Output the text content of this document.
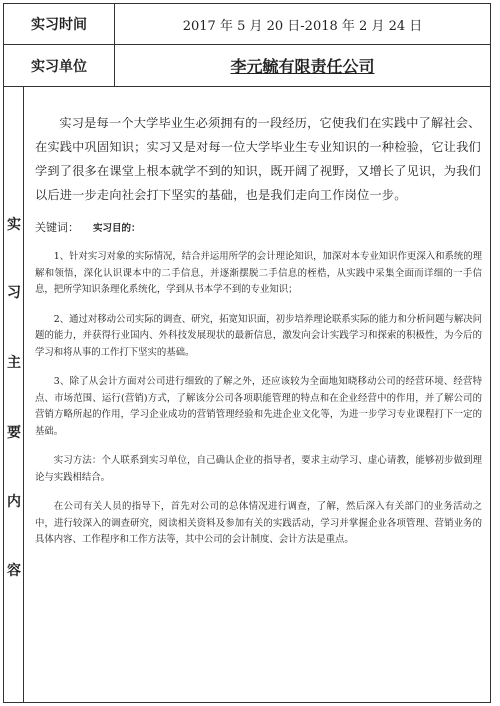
实习时间	2017 年 5 月 20 日-2018 年 2 月 24 日
实习单位	李元毓有限责任公司
实
习
主
要
内
容

实习是每一个大学毕业生必须拥有的一段经历，它使我们在实践中了解社会、在实践中巩固知识；实习又是对每一位大学毕业生专业知识的一种检验，它让我们学到了很多在课堂上根本就学不到的知识，既开阔了视野，又增长了见识，为我们以后进一步走向社会打下坚实的基础，也是我们走向工作岗位一步。

关键词： 实习目的：

1、针对实习对象的实际情况，结合并运用所学的会计理论知识，加深对本专业知识作更深入和系统的理解和领悟，深化认识课本中的二手信息，并逐渐摆脱二手信息的桎梏，从实践中采集全面而详细的一手信息，把所学知识条理化系统化，学到从书本学不到的专业知识；

2、通过对移动公司实际的调查、研究，拓宽知识面，初步培养理论联系实际的能力和分析问题与解决问题的能力，并获得行业国内、外科技发展现状的最新信息，激发向会计实践学习和探索的积极性，为今后的学习和将从事的工作打下坚实的基础。

3、除了从会计方面对公司进行细致的了解之外，还应该较为全面地知晓移动公司的经营环境、经营特点、市场范围、运行(营销)方式，了解该分公司各项职能管理的特点和在企业经营中的作用，并了解公司的营销方略所起的作用，学习企业成功的营销管理经验和先进企业文化等，为进一步学习专业课程打下一定的基础。

实习方法：个人联系到实习单位，自己确认企业的指导者，要求主动学习、虚心请教，能够初步做到理论与实践相结合。

在公司有关人员的指导下，首先对公司的总体情况进行调查，了解，然后深入有关部门的业务活动之中，进行较深入的调查研究，阅读相关资料及参加有关的实践活动，学习并掌握企业各项管理、营销业务的具体内容、工作程序和工作方法等，其中公司的会计制度、会计方法是重点。
